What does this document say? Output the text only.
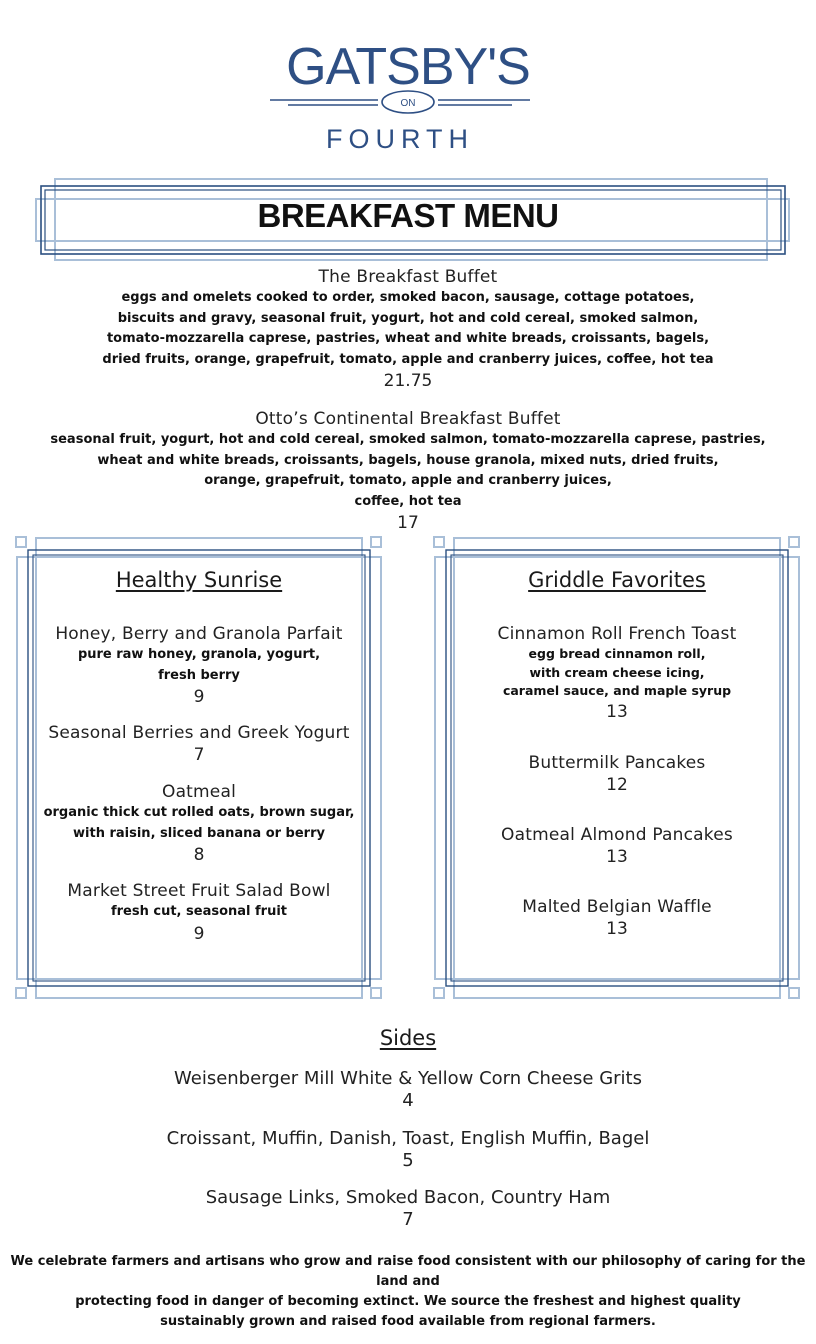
GATSBY'S
ON
FOURTH
BREAKFAST MENU
The Breakfast Buffet
eggs and omelets cooked to order, smoked bacon, sausage, cottage potatoes,
biscuits and gravy, seasonal fruit, yogurt, hot and cold cereal, smoked salmon,
tomato-mozzarella caprese, pastries, wheat and white breads, croissants, bagels,
dried fruits, orange, grapefruit, tomato, apple and cranberry juices, coffee, hot tea
21.75
Otto’s Continental Breakfast Buffet
seasonal fruit, yogurt, hot and cold cereal, smoked salmon, tomato-mozzarella caprese, pastries,
wheat and white breads, croissants, bagels, house granola, mixed nuts, dried fruits,
orange, grapefruit, tomato, apple and cranberry juices,
coffee, hot tea
17
Healthy Sunrise
Honey, Berry and Granola Parfait
pure raw honey, granola, yogurt,
fresh berry
9
Seasonal Berries and Greek Yogurt
7
Oatmeal
organic thick cut rolled oats, brown sugar,
with raisin, sliced banana or berry
8
Market Street Fruit Salad Bowl
fresh cut, seasonal fruit
9
Griddle Favorites
Cinnamon Roll French Toast
egg bread cinnamon roll,
with cream cheese icing,
caramel sauce, and maple syrup
13
Buttermilk Pancakes
12
Oatmeal Almond Pancakes
13
Malted Belgian Waffle
13
Sides
Weisenberger Mill White & Yellow Corn Cheese Grits
4
Croissant, Muffin, Danish, Toast, English Muffin, Bagel
5
Sausage Links, Smoked Bacon, Country Ham
7
We celebrate farmers and artisans who grow and raise food consistent with our philosophy of caring for the land and
protecting food in danger of becoming extinct. We source the freshest and highest quality
sustainably grown and raised food available from regional farmers.
